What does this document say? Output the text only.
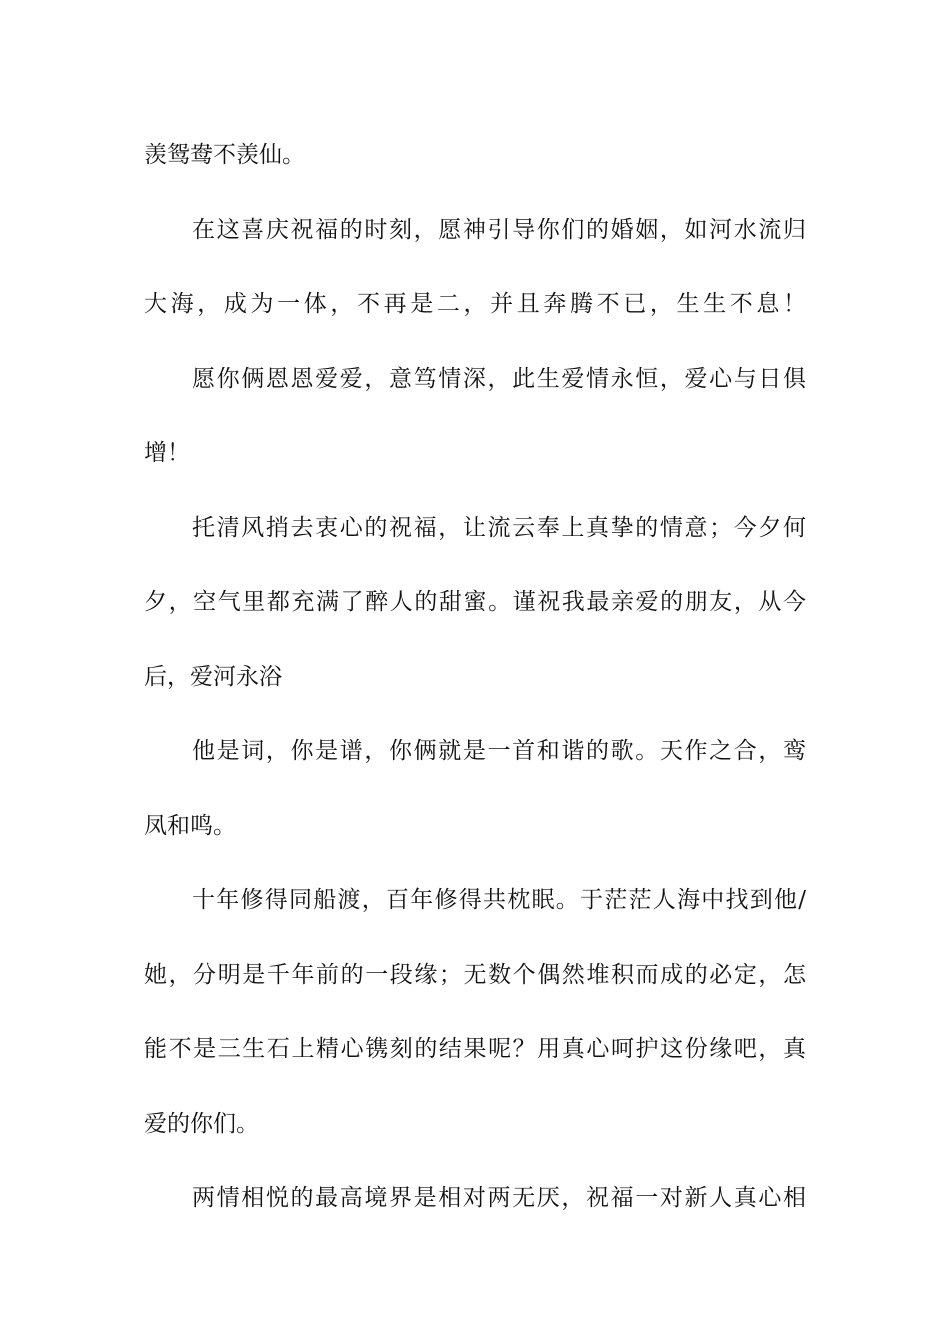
羡鸳鸯不羡仙。
在这喜庆祝福的时刻，愿神引导你们的婚姻，如河水流归
大海，成为一体，不再是二，并且奔腾不已，生生不息！
愿你俩恩恩爱爱，意笃情深，此生爱情永恒，爱心与日俱
增！
托清风捎去衷心的祝福，让流云奉上真挚的情意；今夕何
夕，空气里都充满了醉人的甜蜜。谨祝我最亲爱的朋友，从今
后，爱河永浴
他是词，你是谱，你俩就是一首和谐的歌。天作之合，鸾
凤和鸣。
十年修得同船渡，百年修得共枕眠。于茫茫人海中找到他/
她，分明是千年前的一段缘；无数个偶然堆积而成的必定，怎
能不是三生石上精心镌刻的结果呢？用真心呵护这份缘吧，真
爱的你们。
两情相悦的最高境界是相对两无厌，祝福一对新人真心相
